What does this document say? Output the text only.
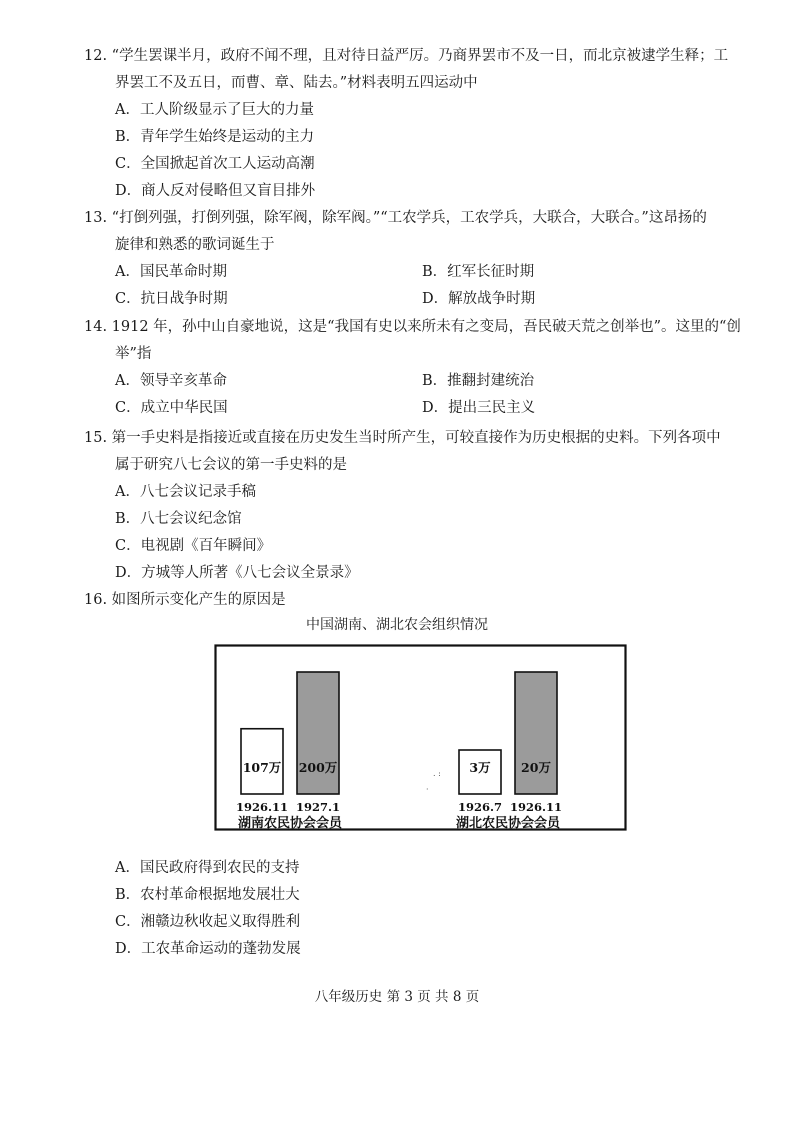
12. “学生罢课半月，政府不闻不理，且对待日益严厉。乃商界罢市不及一日，而北京被逮学生释；工
界罢工不及五日，而曹、章、陆去。”材料表明五四运动中
A．工人阶级显示了巨大的力量
B．青年学生始终是运动的主力
C．全国掀起首次工人运动高潮
D．商人反对侵略但又盲目排外
13. “打倒列强，打倒列强，除军阀，除军阀。”“工农学兵，工农学兵，大联合，大联合。”这昂扬的
旋律和熟悉的歌词诞生于
A．国民革命时期	B．红军长征时期
C．抗日战争时期	D．解放战争时期
14. 1912 年，孙中山自豪地说，这是“我国有史以来所未有之变局，吾民破天荒之创举也”。这里的“创
举”指
A．领导辛亥革命	B．推翻封建统治
C．成立中华民国	D．提出三民主义
15. 第一手史料是指接近或直接在历史发生当时所产生，可较直接作为历史根据的史料。下列各项中
属于研究八七会议的第一手史料的是
A．八七会议记录手稿
B．八七会议纪念馆
C．电视剧《百年瞬间》
D．方城等人所著《八七会议全景录》
16. 如图所示变化产生的原因是
中国湖南、湖北农会组织情况
107万
1926.11
200万
1927.1
湖南农民协会会员
3万
1926.7
20万
1926.11
湖北农民协会会员
. :
·
A．国民政府得到农民的支持
B．农村革命根据地发展壮大
C．湘赣边秋收起义取得胜利
D．工农革命运动的蓬勃发展
八年级历史 第 3 页 共 8 页
